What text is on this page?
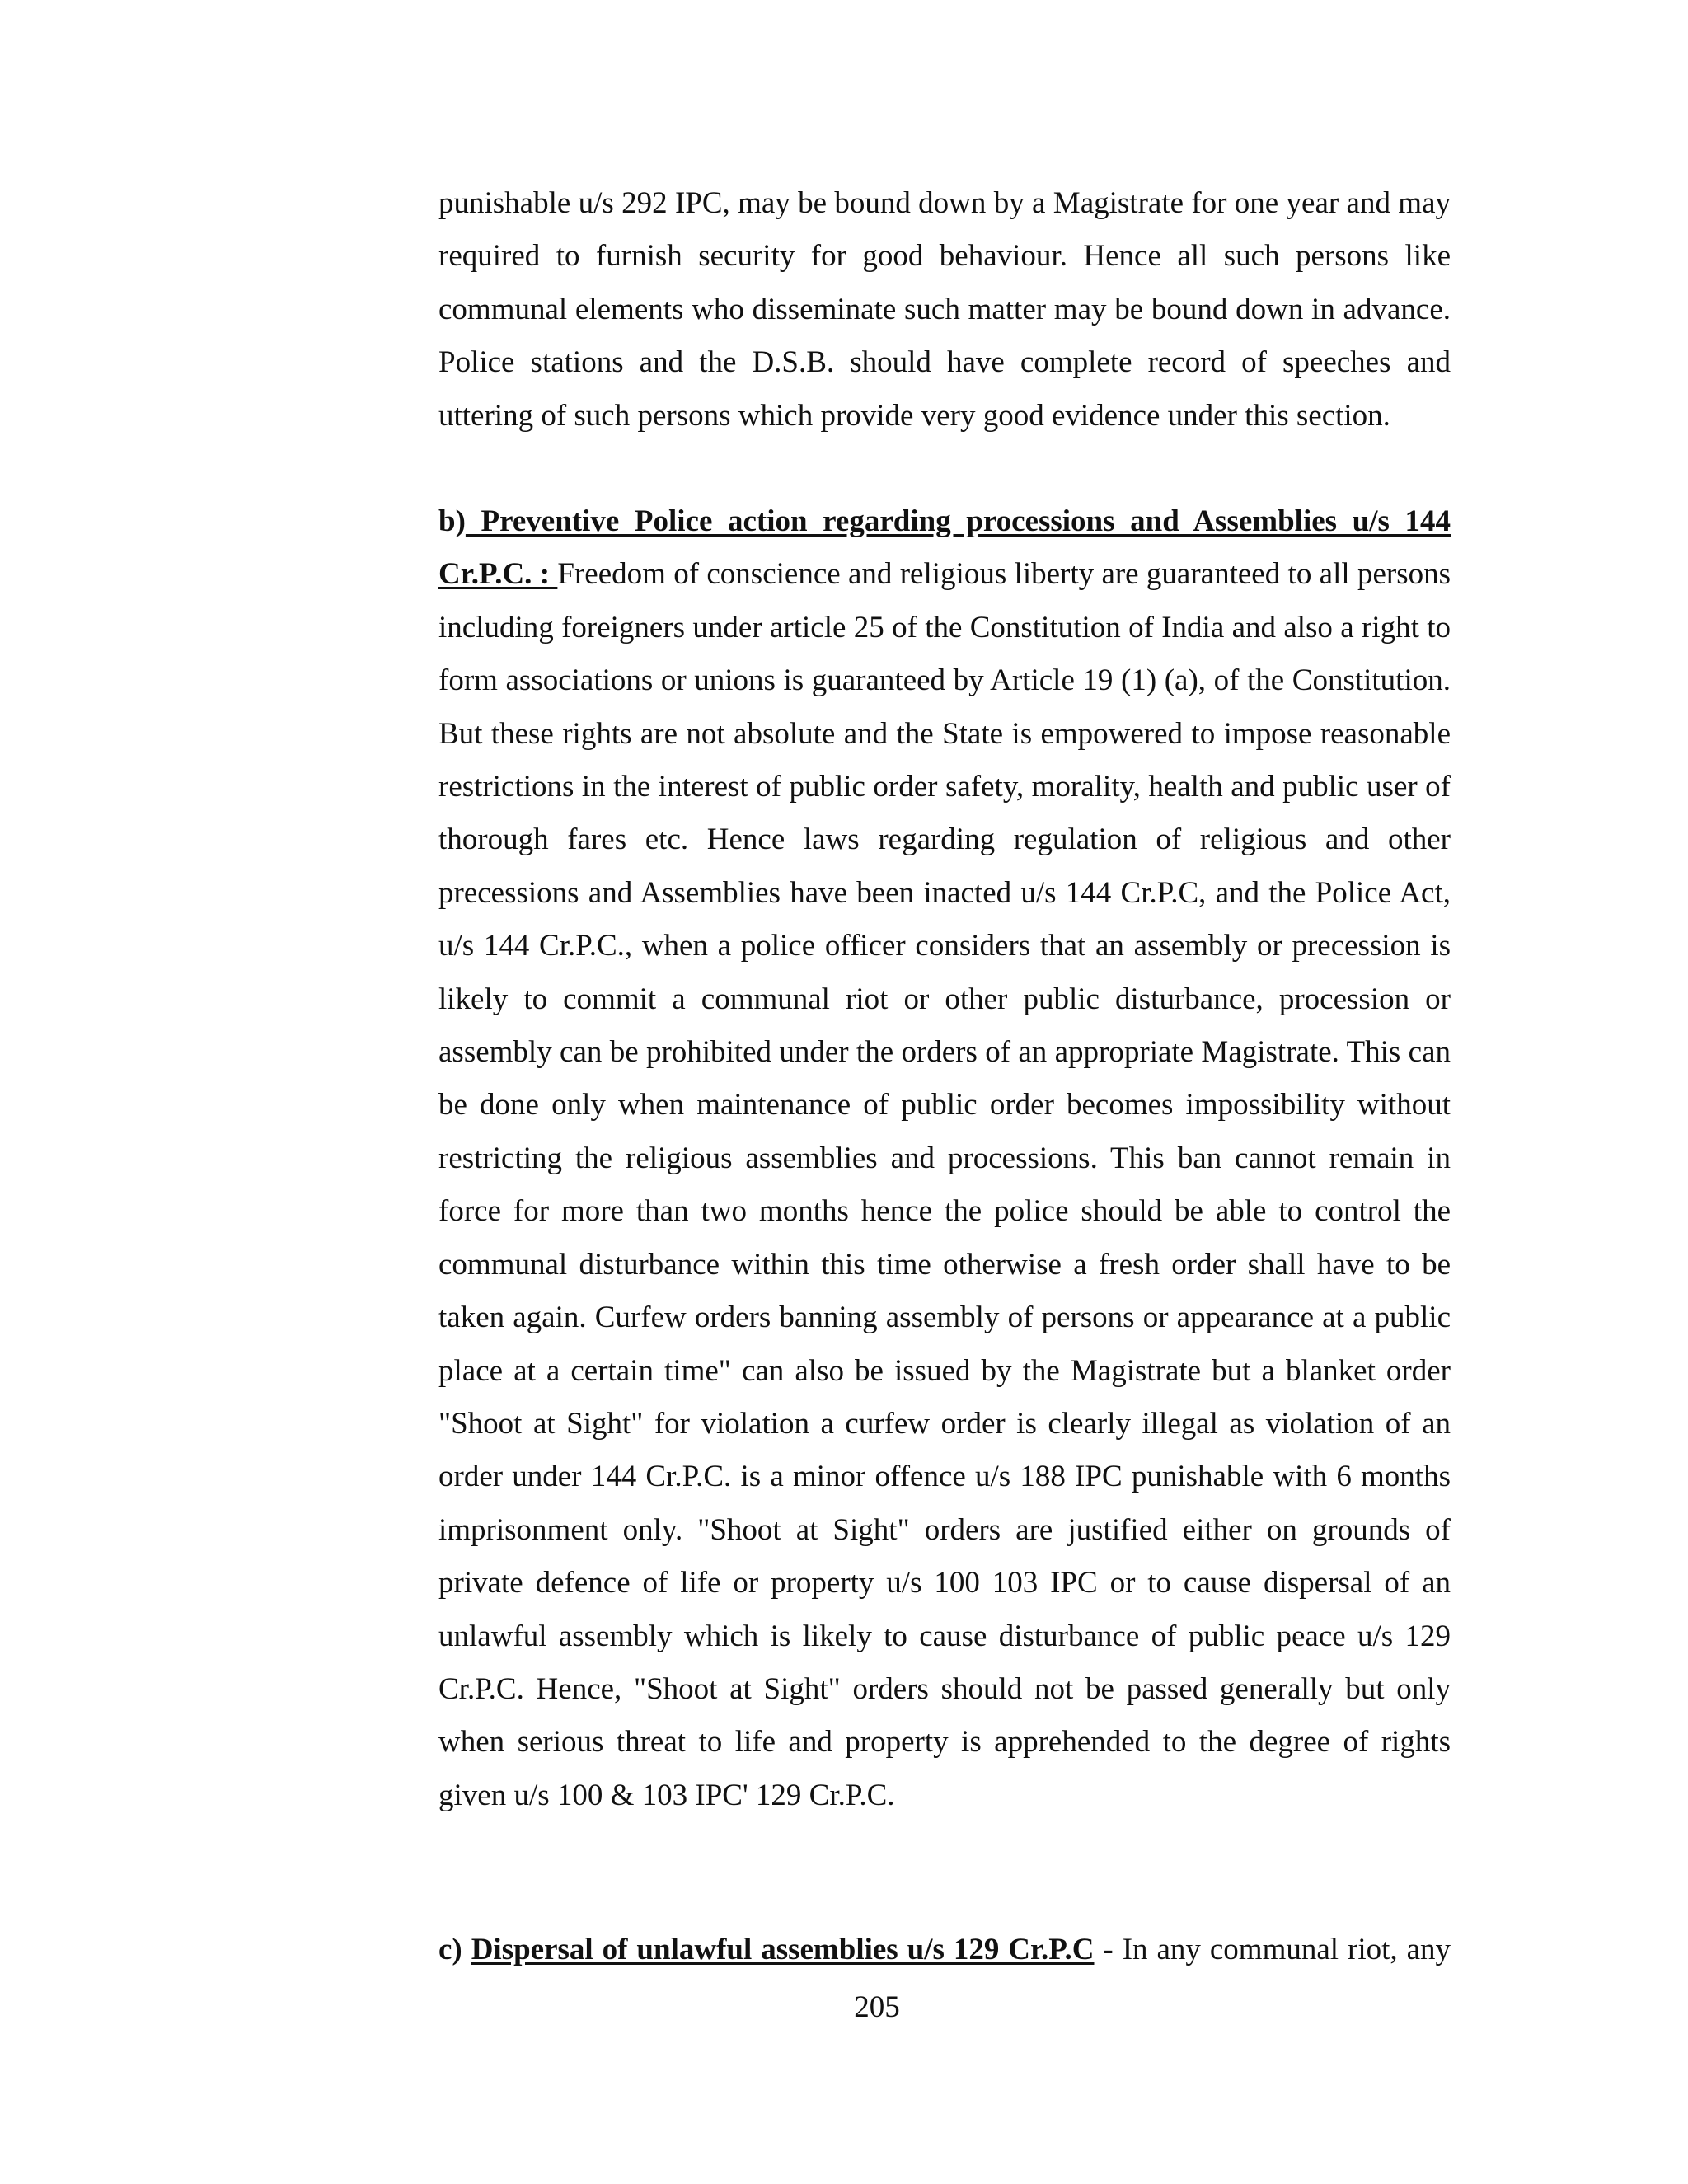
punishable u/s 292 IPC, may be bound down by a Magistrate for one year and may required to furnish security for good behaviour. Hence all such persons like communal elements who disseminate such matter may be bound down in advance. Police stations and the D.S.B. should have complete record of speeches and uttering of such persons which provide very good evidence under this section.

b) Preventive Police action regarding processions and Assemblies u/s 144 Cr.P.C. : Freedom of conscience and religious liberty are guaranteed to all persons including foreigners under article 25 of the Constitution of India and also a right to form associations or unions is guaranteed by Article 19 (1) (a), of the Constitution. But these rights are not absolute and the State is empowered to impose reasonable restrictions in the interest of public order safety, morality, health and public user of thorough fares etc. Hence laws regarding regulation of religious and other precessions and Assemblies have been inacted u/s 144 Cr.P.C, and the Police Act, u/s 144 Cr.P.C., when a police officer considers that an assembly or precession is likely to commit a communal riot or other public disturbance, procession or assembly can be prohibited under the orders of an appropriate Magistrate. This can be done only when maintenance of public order becomes impossibility without restricting the religious assemblies and processions. This ban cannot remain in force for more than two months hence the police should be able to control the communal disturbance within this time otherwise a fresh order shall have to be taken again. Curfew orders banning assembly of persons or appearance at a public place at a certain time" can also be issued by the Magistrate but a blanket order "Shoot at Sight" for violation a curfew order is clearly illegal as violation of an order under 144 Cr.P.C. is a minor offence u/s 188 IPC punishable with 6 months imprisonment only. "Shoot at Sight" orders are justified either on grounds of private defence of life or property u/s 100 103 IPC or to cause dispersal of an unlawful assembly which is likely to cause disturbance of public peace u/s 129 Cr.P.C. Hence, "Shoot at Sight" orders should not be passed generally but only when serious threat to life and property is apprehended to the degree of rights given u/s 100 & 103 IPC' 129 Cr.P.C.

c) Dispersal of unlawful assemblies u/s 129 Cr.P.C - In any communal riot, any

205
